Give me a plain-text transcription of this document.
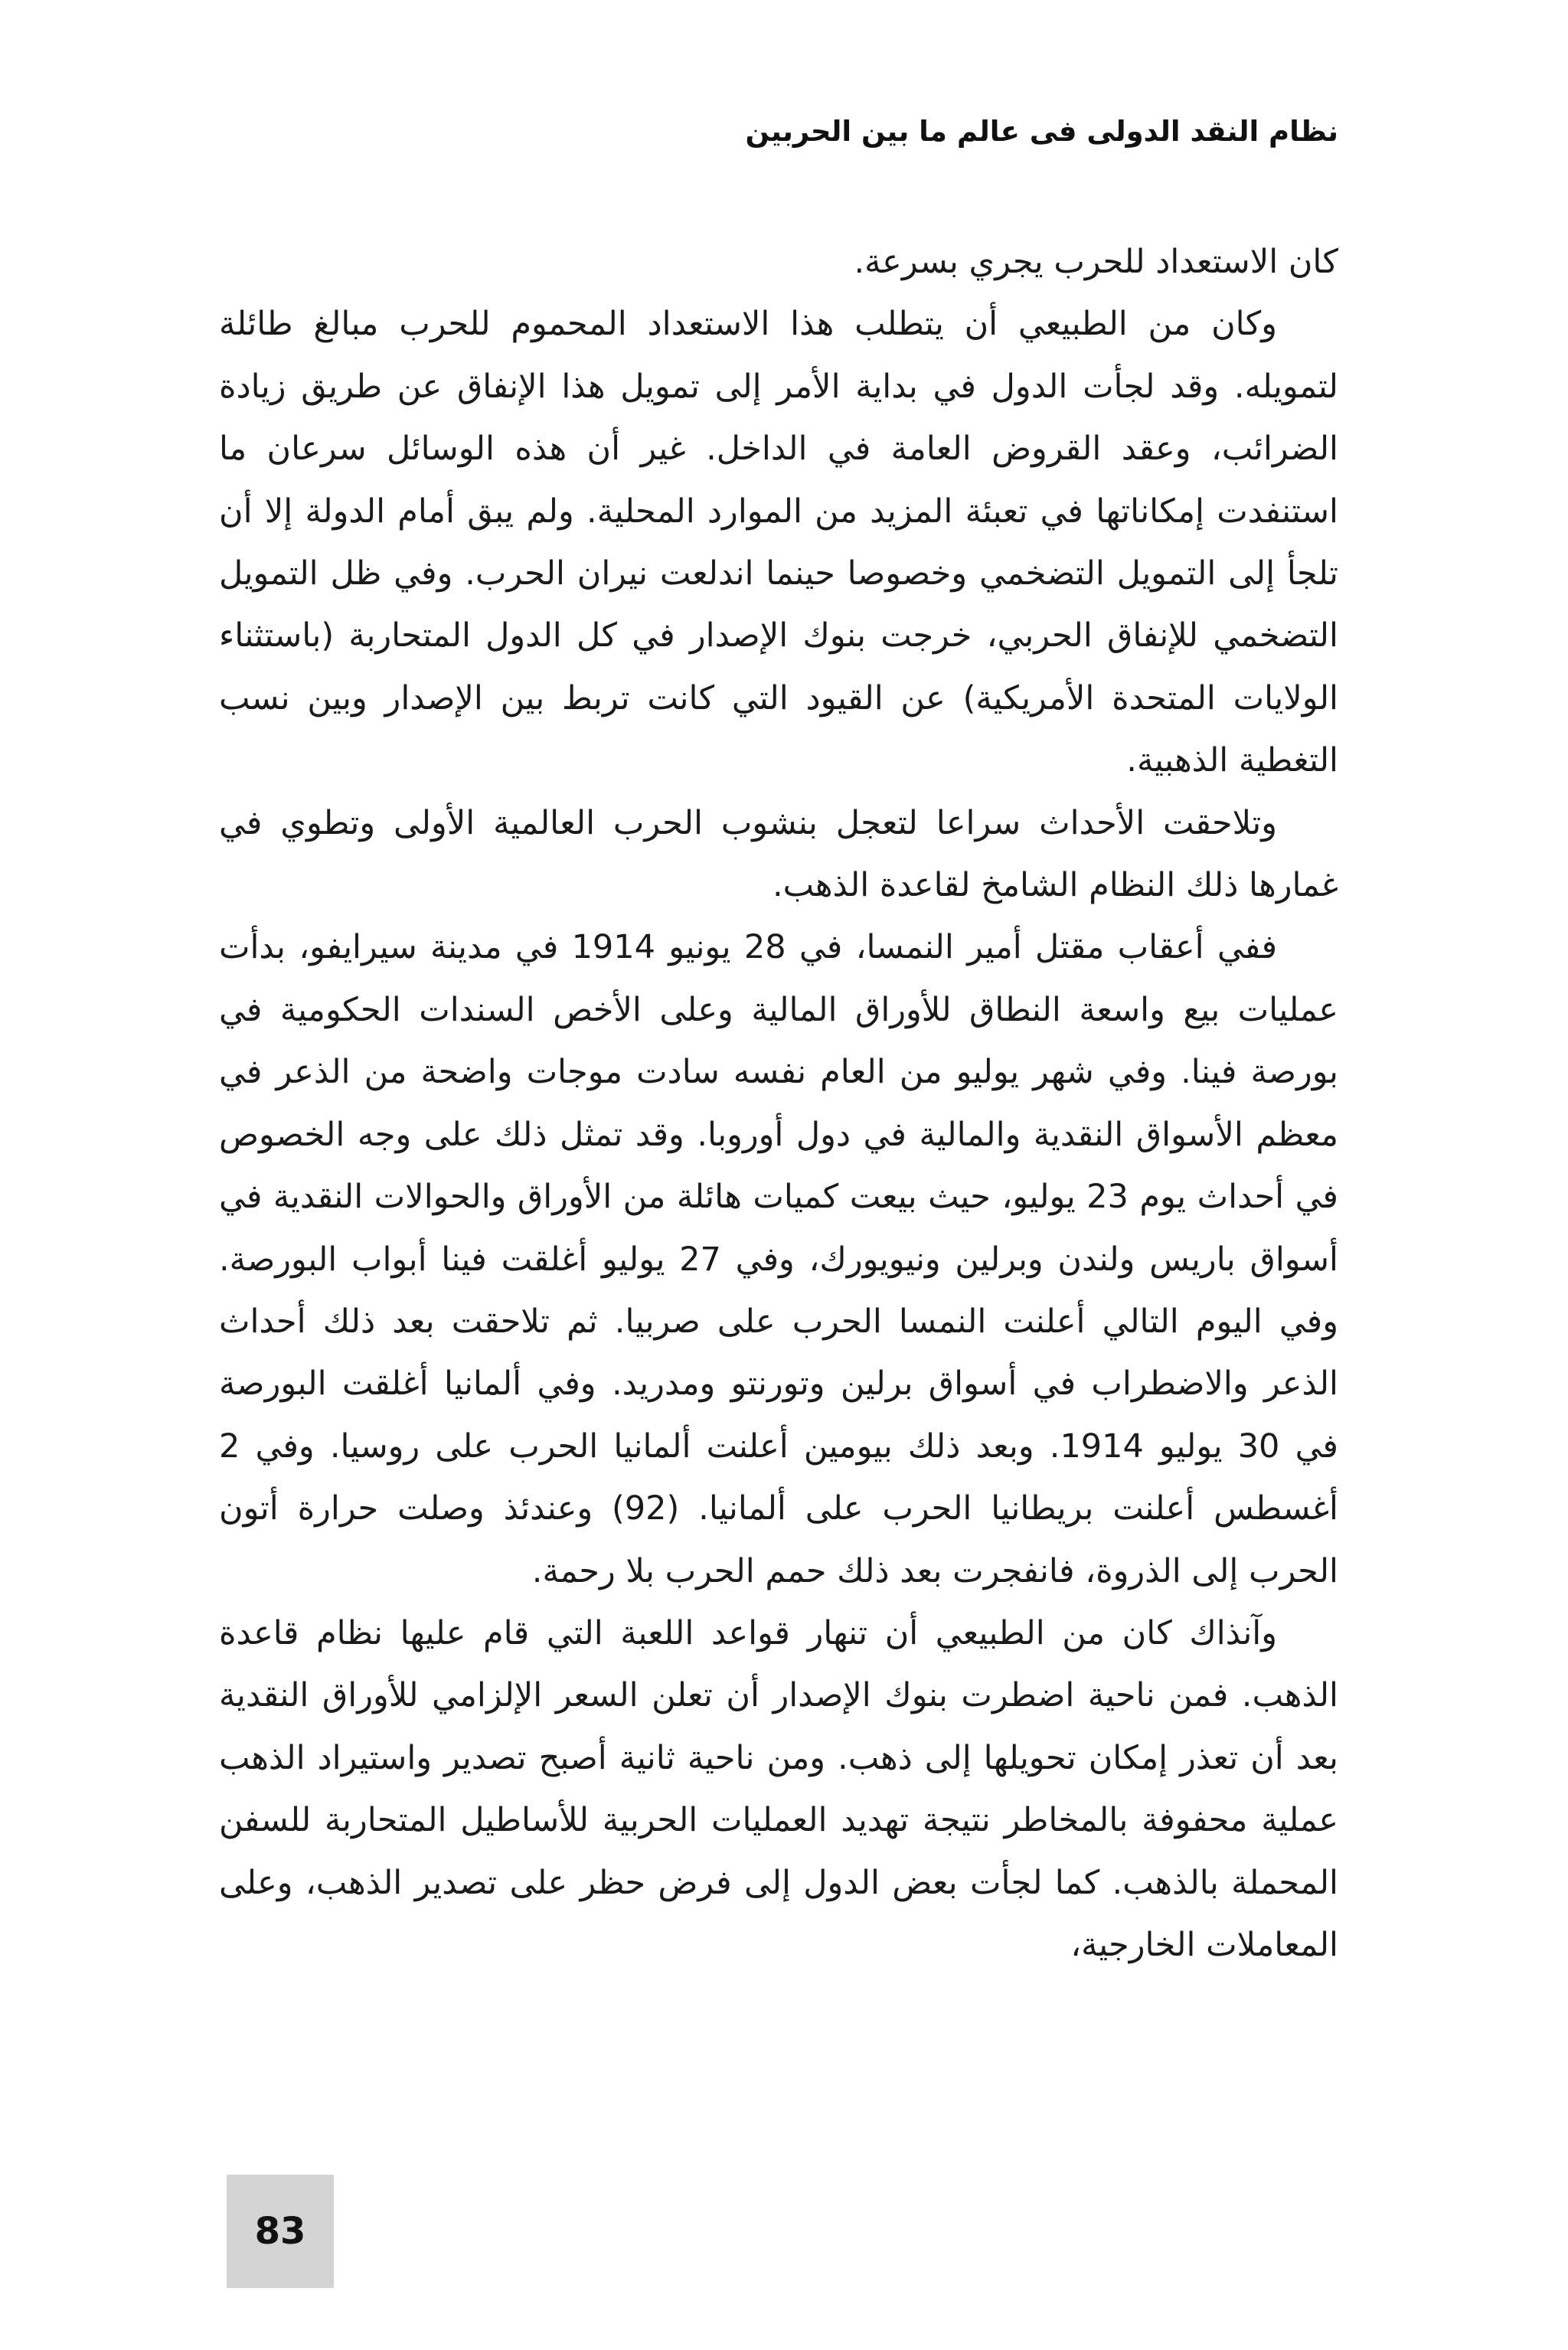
نظام النقد الدولى فى عالم ما بين الحربين

كان الاستعداد للحرب يجري بسرعة.

وكان من الطبيعي أن يتطلب هذا الاستعداد المحموم للحرب مبالغ طائلة لتمويله. وقد لجأت الدول في بداية الأمر إلى تمويل هذا الإنفاق عن طريق زيادة الضرائب، وعقد القروض العامة في الداخل. غير أن هذه الوسائل سرعان ما استنفدت إمكاناتها في تعبئة المزيد من الموارد المحلية. ولم يبق أمام الدولة إلا أن تلجأ إلى التمويل التضخمي وخصوصا حينما اندلعت نيران الحرب. وفي ظل التمويل التضخمي للإنفاق الحربي، خرجت بنوك الإصدار في كل الدول المتحاربة (باستثناء الولايات المتحدة الأمريكية) عن القيود التي كانت تربط بين الإصدار وبين نسب التغطية الذهبية.

وتلاحقت الأحداث سراعا لتعجل بنشوب الحرب العالمية الأولى وتطوي في غمارها ذلك النظام الشامخ لقاعدة الذهب.

ففي أعقاب مقتل أمير النمسا، في 28 يونيو 1914 في مدينة سيرايفو، بدأت عمليات بيع واسعة النطاق للأوراق المالية وعلى الأخص السندات الحكومية في بورصة فينا. وفي شهر يوليو من العام نفسه سادت موجات واضحة من الذعر في معظم الأسواق النقدية والمالية في دول أوروبا. وقد تمثل ذلك على وجه الخصوص في أحداث يوم 23 يوليو، حيث بيعت كميات هائلة من الأوراق والحوالات النقدية في أسواق باريس ولندن وبرلين ونيويورك، وفي 27 يوليو أغلقت فينا أبواب البورصة. وفي اليوم التالي أعلنت النمسا الحرب على صربيا. ثم تلاحقت بعد ذلك أحداث الذعر والاضطراب في أسواق برلين وتورنتو ومدريد. وفي ألمانيا أغلقت البورصة في 30 يوليو 1914. وبعد ذلك بيومين أعلنت ألمانيا الحرب على روسيا. وفي 2 أغسطس أعلنت بريطانيا الحرب على ألمانيا. (92) وعندئذ وصلت حرارة أتون الحرب إلى الذروة، فانفجرت بعد ذلك حمم الحرب بلا رحمة.

وآنذاك كان من الطبيعي أن تنهار قواعد اللعبة التي قام عليها نظام قاعدة الذهب. فمن ناحية اضطرت بنوك الإصدار أن تعلن السعر الإلزامي للأوراق النقدية بعد أن تعذر إمكان تحويلها إلى ذهب. ومن ناحية ثانية أصبح تصدير واستيراد الذهب عملية محفوفة بالمخاطر نتيجة تهديد العمليات الحربية للأساطيل المتحاربة للسفن المحملة بالذهب. كما لجأت بعض الدول إلى فرض حظر على تصدير الذهب، وعلى المعاملات الخارجية،

83
